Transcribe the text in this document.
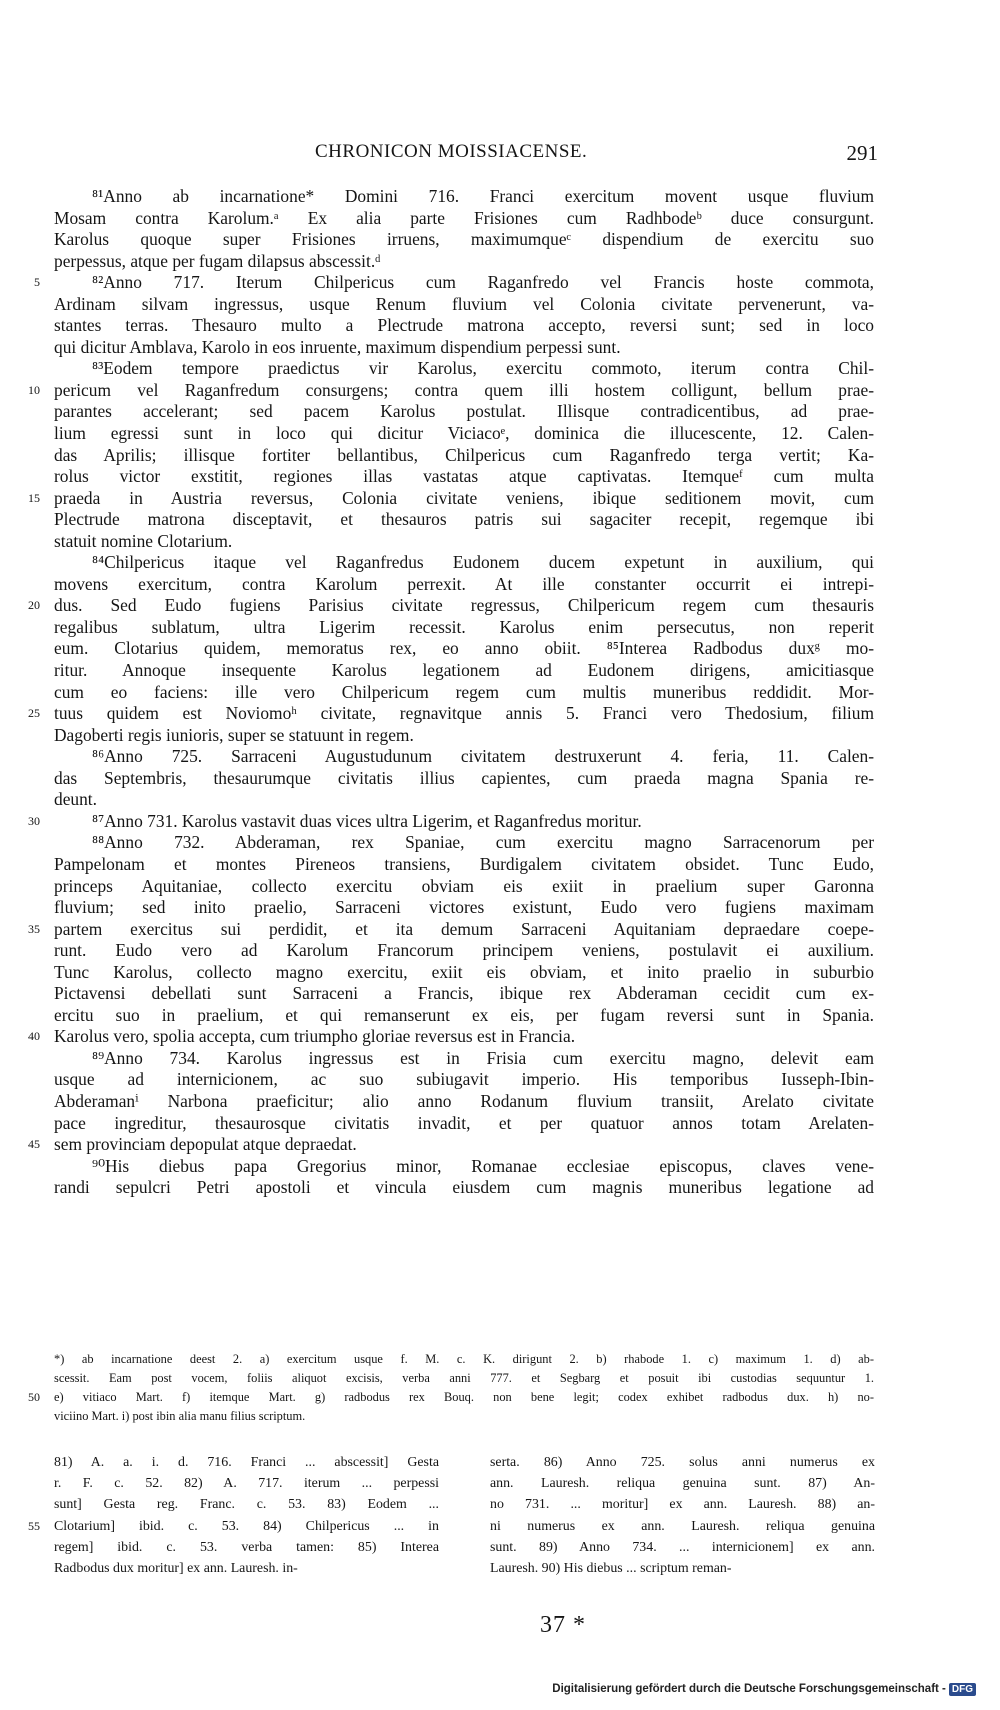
CHRONICON MOISSIACENSE.	291
⁸¹Anno ab incarnatione* Domini 716. Franci exercitum movent usque fluvium
Mosam contra Karolum.ᵃ Ex alia parte Frisiones cum Radhbodeᵇ duce consurgunt.
Karolus quoque super Frisiones irruens, maximumqueᶜ dispendium de exercitu suo
perpessus, atque per fugam dilapsus abscessit.ᵈ
5	⁸²Anno 717. Iterum Chilpericus cum Raganfredo vel Francis hoste commota,
Ardinam silvam ingressus, usque Renum fluvium vel Colonia civitate pervenerunt, va-
stantes terras. Thesauro multo a Plectrude matrona accepto, reversi sunt; sed in loco
qui dicitur Amblava, Karolo in eos inruente, maximum dispendium perpessi sunt.
⁸³Eodem tempore praedictus vir Karolus, exercitu commoto, iterum contra Chil-
10 pericum vel Raganfredum consurgens; contra quem illi hostem colligunt, bellum prae-
parantes accelerant; sed pacem Karolus postulat. Illisque contradicentibus, ad prae-
lium egressi sunt in loco qui dicitur Viciacoᵉ, dominica die illucescente, 12. Calen-
das Aprilis; illisque fortiter bellantibus, Chilpericus cum Raganfredo terga vertit; Ka-
rolus victor exstitit, regiones illas vastatas atque captivatas. Itemqueᶠ cum multa
15 praeda in Austria reversus, Colonia civitate veniens, ibique seditionem movit, cum
Plectrude matrona disceptavit, et thesauros patris sui sagaciter recepit, regemque ibi
statuit nomine Clotarium.
⁸⁴Chilpericus itaque vel Raganfredus Eudonem ducem expetunt in auxilium, qui
movens exercitum, contra Karolum perrexit. At ille constanter occurrit ei intrepi-
20 dus. Sed Eudo fugiens Parisius civitate regressus, Chilpericum regem cum thesauris
regalibus sublatum, ultra Ligerim recessit. Karolus enim persecutus, non reperit
eum. Clotarius quidem, memoratus rex, eo anno obiit. ⁸⁵Interea Radbodus duxᵍ mo-
ritur. Annoque insequente Karolus legationem ad Eudonem dirigens, amicitiasque
cum eo faciens: ille vero Chilpericum regem cum multis muneribus reddidit. Mor-
25 tuus quidem est Noviomoʰ civitate, regnavitque annis 5. Franci vero Thedosium, filium
Dagoberti regis iunioris, super se statuunt in regem.
⁸⁶Anno 725. Sarraceni Augustudunum civitatem destruxerunt 4. feria, 11. Calen-
das Septembris, thesaurumque civitatis illius capientes, cum praeda magna Spania re-
deunt.
30	⁸⁷Anno 731. Karolus vastavit duas vices ultra Ligerim, et Raganfredus moritur.
⁸⁸Anno 732. Abderaman, rex Spaniae, cum exercitu magno Sarracenorum per
Pampelonam et montes Pireneos transiens, Burdigalem civitatem obsidet. Tunc Eudo,
princeps Aquitaniae, collecto exercitu obviam eis exiit in praelium super Garonna
fluvium; sed inito praelio, Sarraceni victores existunt, Eudo vero fugiens maximam
35 partem exercitus sui perdidit, et ita demum Sarraceni Aquitaniam depraedare coepe-
runt. Eudo vero ad Karolum Francorum principem veniens, postulavit ei auxilium.
Tunc Karolus, collecto magno exercitu, exiit eis obviam, et inito praelio in suburbio
Pictavensi debellati sunt Sarraceni a Francis, ibique rex Abderaman cecidit cum ex-
ercitu suo in praelium, et qui remanserunt ex eis, per fugam reversi sunt in Spania.
40 Karolus vero, spolia accepta, cum triumpho gloriae reversus est in Francia.
⁸⁹Anno 734. Karolus ingressus est in Frisia cum exercitu magno, delevit eam
usque ad internicionem, ac suo subiugavit imperio. His temporibus Iusseph-Ibin-
Abderamanⁱ Narbona praeficitur; alio anno Rodanum fluvium transiit, Arelato civitate
pace ingreditur, thesaurosque civitatis invadit, et per quatuor annos totam Arelaten-
45 sem provinciam depopulat atque depraedat.
⁹⁰His diebus papa Gregorius minor, Romanae ecclesiae episcopus, claves vene-
randi sepulcri Petri apostoli et vincula eiusdem cum magnis muneribus legatione ad
*) ab incarnatione deest 2. a) exercitum usque f. M. c. K. dirigunt 2. b) rhabode 1. c) maximum 1. d) ab-
scessit. Eam post vocem, foliis aliquot excisis, verba anni 777. et Segbarg et posuit ibi custodias sequuntur 1.
50 e) vitiaco Mart. f) itemque Mart. g) radbodus rex Bouq. non bene legit; codex exhibet radbodus dux. h) no-
viciino Mart. i) post ibin alia manu filius scriptum.
81) A. a. i. d. 716. Franci ... abscessit] Gesta
r. F. c. 52. 82) A. 717. iterum ... perpessi
sunt] Gesta reg. Franc. c. 53. 83) Eodem ...
55 Clotarium] ibid. c. 53. 84) Chilpericus ... in
regem] ibid. c. 53. verba tamen: 85) Interea
Radbodus dux moritur] ex ann. Lauresh. in-
serta. 86) Anno 725. solus anni numerus ex
ann. Lauresh. reliqua genuina sunt. 87) An-
no 731. ... moritur] ex ann. Lauresh. 88) an-
ni numerus ex ann. Lauresh. reliqua genuina
sunt. 89) Anno 734. ... internicionem] ex ann.
Lauresh. 90) His diebus ... scriptum reman-
37 *
Digitalisierung gefördert durch die Deutsche Forschungsgemeinschaft - DFG
